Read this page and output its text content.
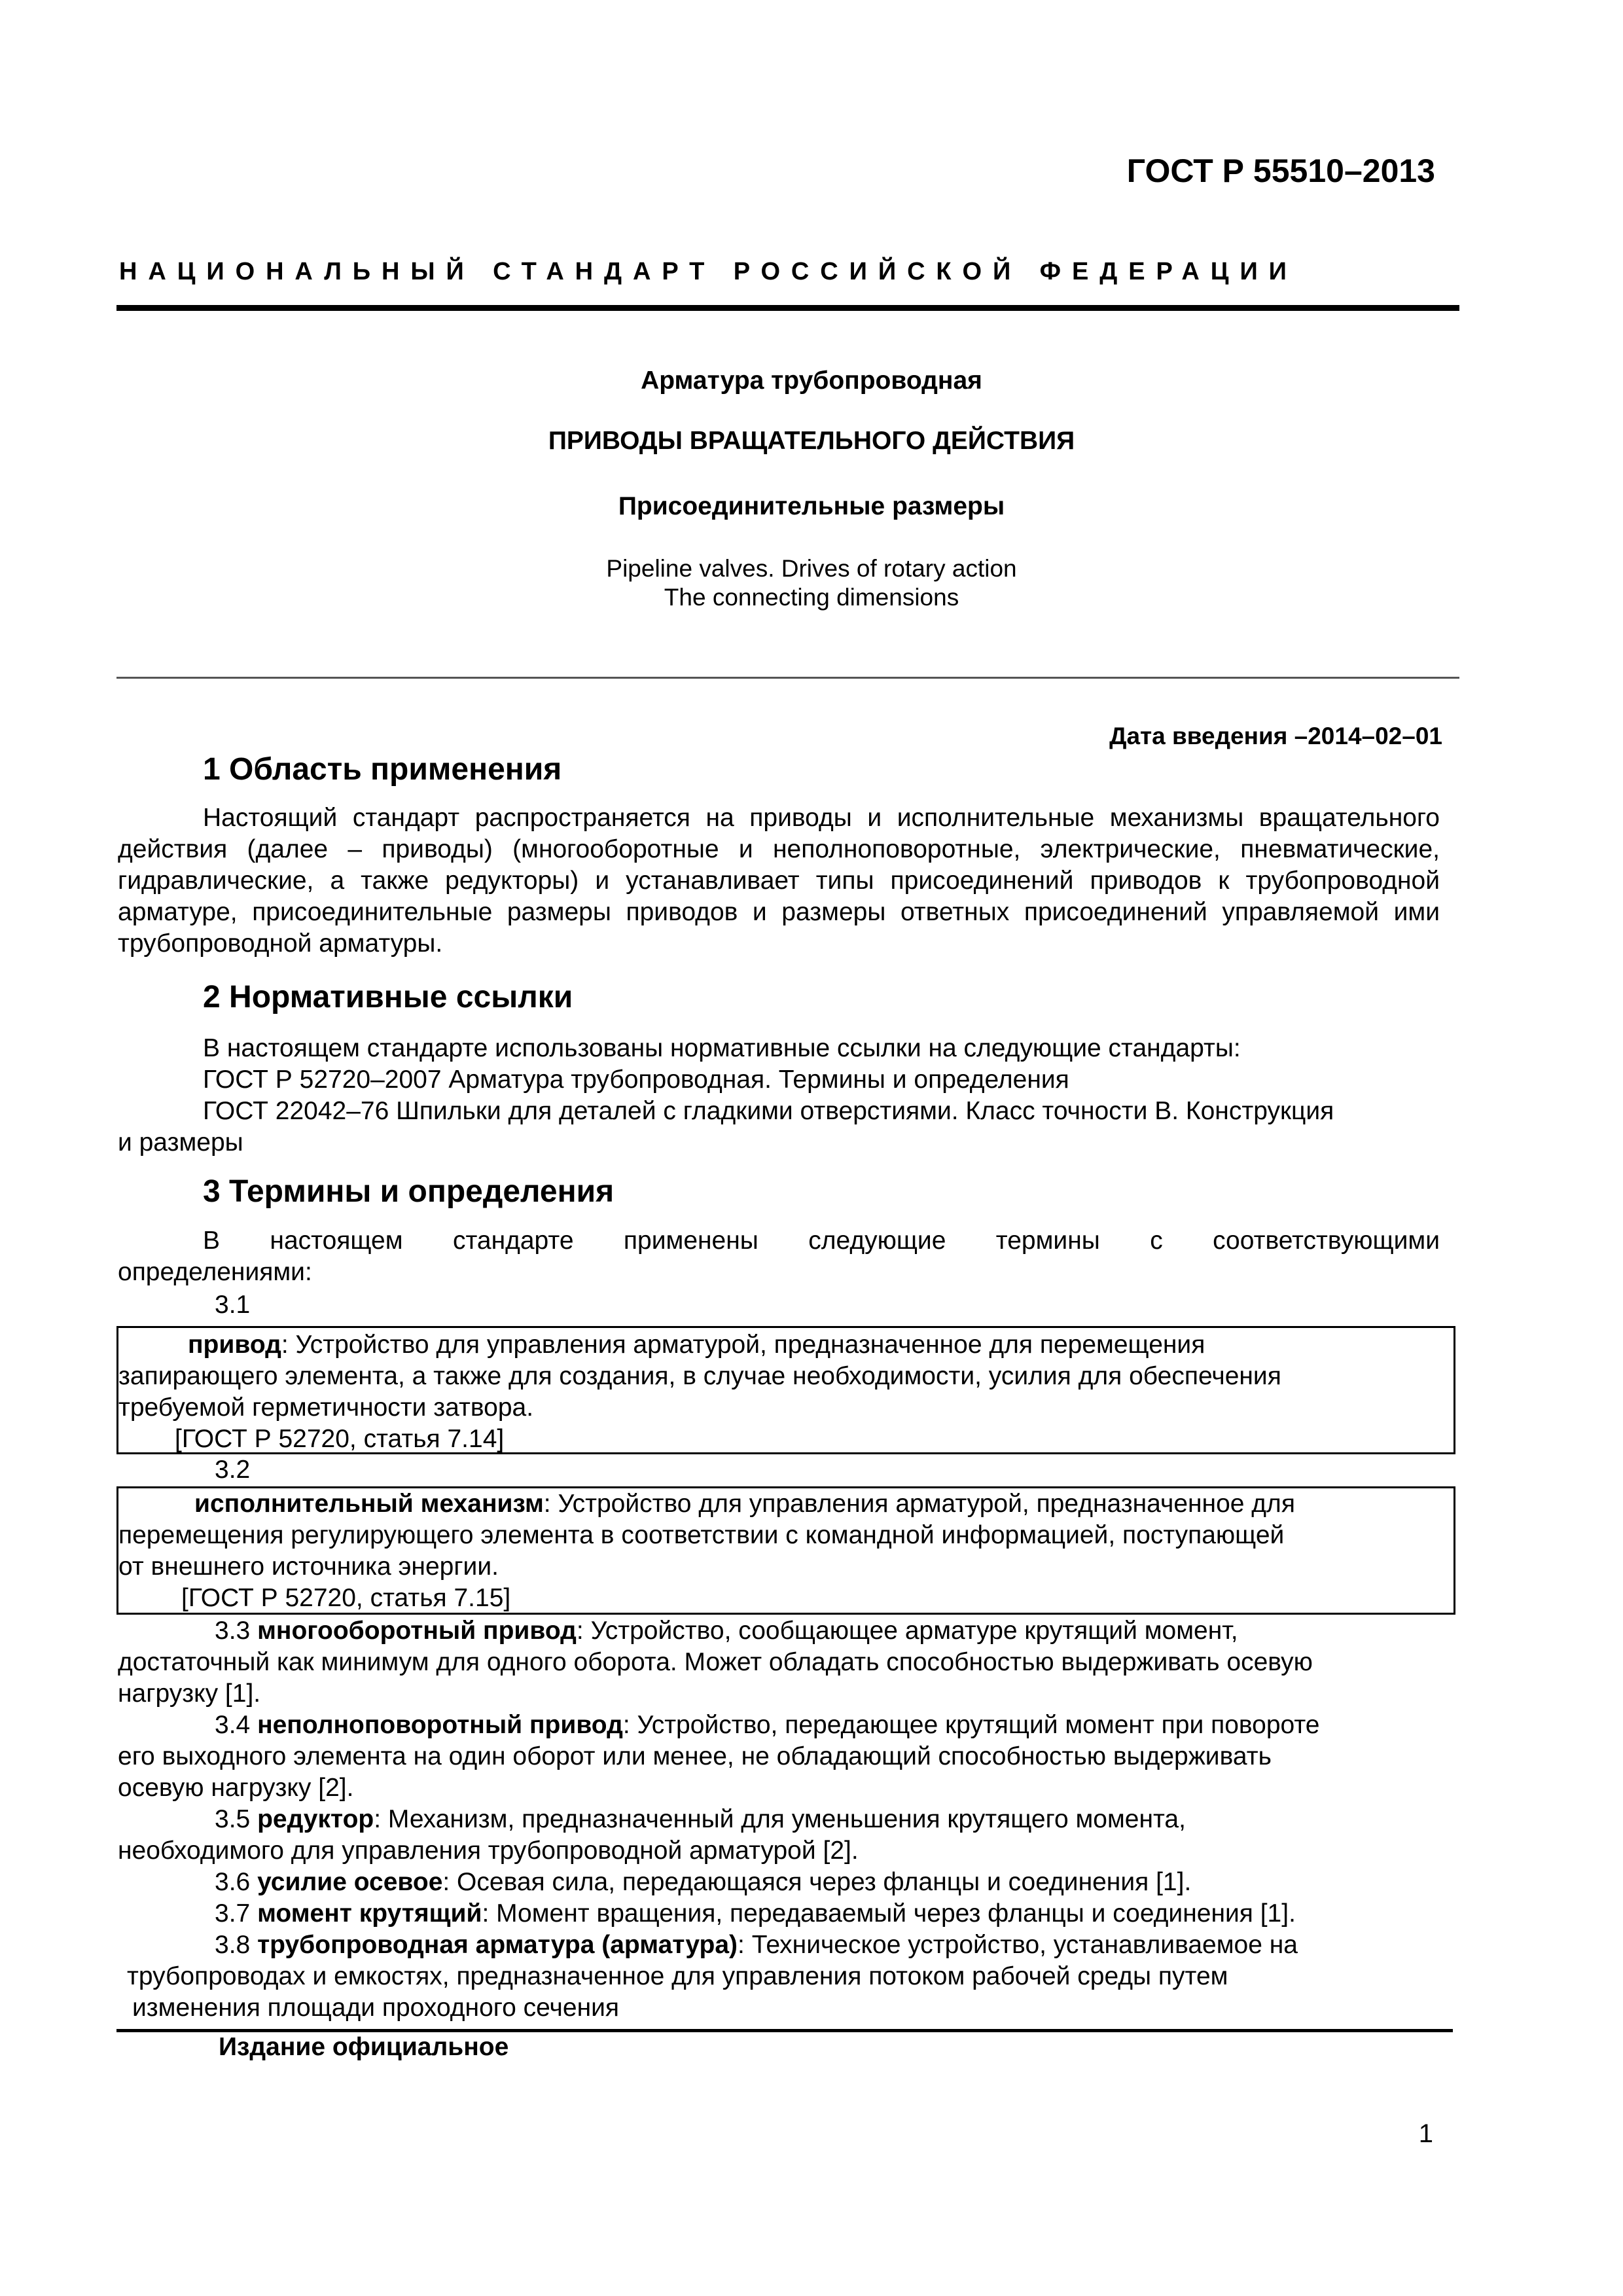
ГОСТ Р 55510–2013
НАЦИОНАЛЬНЫЙ СТАНДАРТ РОССИЙСКОЙ ФЕДЕРАЦИИ
Арматура трубопроводная
ПРИВОДЫ ВРАЩАТЕЛЬНОГО ДЕЙСТВИЯ
Присоединительные размеры
Pipeline valves. Drives of rotary action
The connecting dimensions
Дата введения –2014–02–01
1 Область применения
Настоящий стандарт распространяется на приводы и исполнительные механизмы вращательного действия (далее – приводы) (многооборотные и неполноповоротные, электрические, пневматические, гидравлические, а также редукторы) и устанавливает типы присоединений приводов к трубопроводной арматуре, присоединительные размеры приводов и размеры ответных присоединений управляемой ими трубопроводной арматуры.
2 Нормативные ссылки
В настоящем стандарте использованы нормативные ссылки на следующие стандарты:
ГОСТ Р 52720–2007 Арматура трубопроводная. Термины и определения
ГОСТ 22042–76 Шпильки для деталей с гладкими отверстиями. Класс точности В. Конструкция
и размеры
3 Термины и определения
В настоящем стандарте применены следующие термины с соответствующими
определениями:
3.1
привод: Устройство для управления арматурой, предназначенное для перемещения
запирающего элемента, а также для создания, в случае необходимости, усилия для обеспечения
требуемой герметичности затвора.
[ГОСТ Р 52720, статья 7.14]
3.2
исполнительный механизм: Устройство для управления арматурой, предназначенное для
перемещения регулирующего элемента в соответствии с командной информацией, поступающей
от внешнего источника энергии.
[ГОСТ Р 52720, статья 7.15]
3.3 многооборотный привод: Устройство, сообщающее арматуре крутящий момент,
достаточный как минимум для одного оборота. Может обладать способностью выдерживать осевую
нагрузку [1].
3.4 неполноповоротный привод: Устройство, передающее крутящий момент при повороте
его выходного элемента на один оборот или менее, не обладающий способностью выдерживать
осевую нагрузку [2].
3.5 редуктор: Механизм, предназначенный для уменьшения крутящего момента,
необходимого для управления трубопроводной арматурой [2].
3.6 усилие осевое: Осевая сила, передающаяся через фланцы и соединения [1].
3.7 момент крутящий: Момент вращения, передаваемый через фланцы и соединения [1].
3.8 трубопроводная арматура (арматура): Техническое устройство, устанавливаемое на
трубопроводах и емкостях, предназначенное для управления потоком рабочей среды путем
изменения площади проходного сечения
Издание официальное
1
